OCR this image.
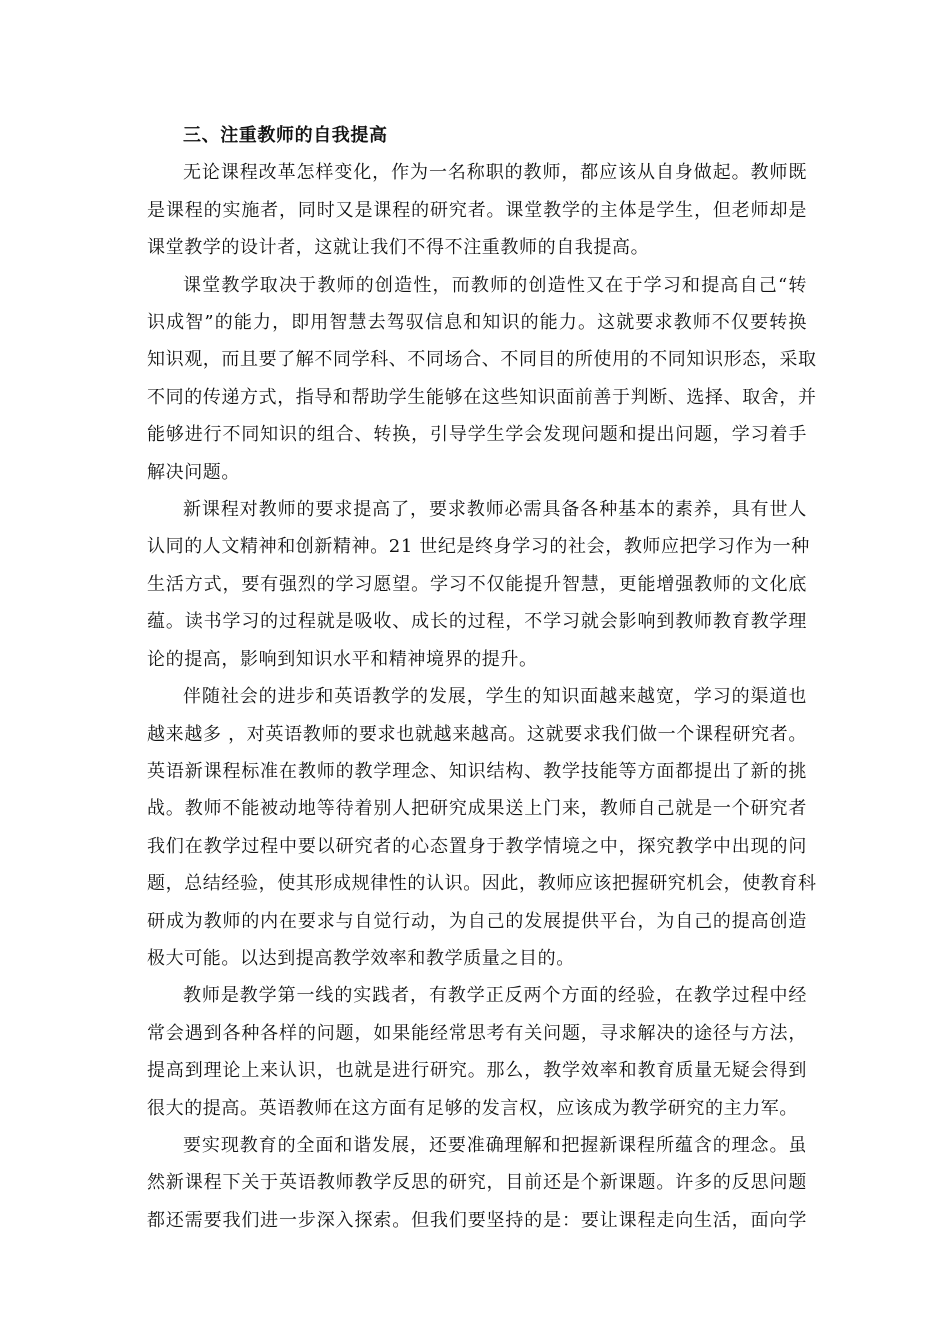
三、注重教师的自我提高

无论课程改革怎样变化，作为一名称职的教师，都应该从自身做起。教师既
是课程的实施者，同时又是课程的研究者。课堂教学的主体是学生，但老师却是
课堂教学的设计者，这就让我们不得不注重教师的自我提高。
课堂教学取决于教师的创造性，而教师的创造性又在于学习和提高自己“转
识成智”的能力，即用智慧去驾驭信息和知识的能力。这就要求教师不仅要转换
知识观，而且要了解不同学科、不同场合、不同目的所使用的不同知识形态，采取
不同的传递方式，指导和帮助学生能够在这些知识面前善于判断、选择、取舍，并
能够进行不同知识的组合、转换，引导学生学会发现问题和提出问题，学习着手
解决问题。
新课程对教师的要求提高了，要求教师必需具备各种基本的素养，具有世人
认同的人文精神和创新精神。21 世纪是终身学习的社会，教师应把学习作为一种
生活方式，要有强烈的学习愿望。学习不仅能提升智慧，更能增强教师的文化底
蕴。读书学习的过程就是吸收、成长的过程，不学习就会影响到教师教育教学理
论的提高，影响到知识水平和精神境界的提升。
伴随社会的进步和英语教学的发展，学生的知识面越来越宽，学习的渠道也
越来越多 ，对英语教师的要求也就越来越高。这就要求我们做一个课程研究者。
英语新课程标准在教师的教学理念、知识结构、教学技能等方面都提出了新的挑
战。教师不能被动地等待着别人把研究成果送上门来，教师自己就是一个研究者
我们在教学过程中要以研究者的心态置身于教学情境之中，探究教学中出现的问
题，总结经验，使其形成规律性的认识。因此，教师应该把握研究机会，使教育科
研成为教师的内在要求与自觉行动，为自己的发展提供平台，为自己的提高创造
极大可能。以达到提高教学效率和教学质量之目的。
教师是教学第一线的实践者，有教学正反两个方面的经验，在教学过程中经
常会遇到各种各样的问题，如果能经常思考有关问题，寻求解决的途径与方法，
提高到理论上来认识，也就是进行研究。那么，教学效率和教育质量无疑会得到
很大的提高。英语教师在这方面有足够的发言权，应该成为教学研究的主力军。
要实现教育的全面和谐发展，还要准确理解和把握新课程所蕴含的理念。虽
然新课程下关于英语教师教学反思的研究，目前还是个新课题。许多的反思问题
都还需要我们进一步深入探索。但我们要坚持的是：要让课程走向生活，面向学
